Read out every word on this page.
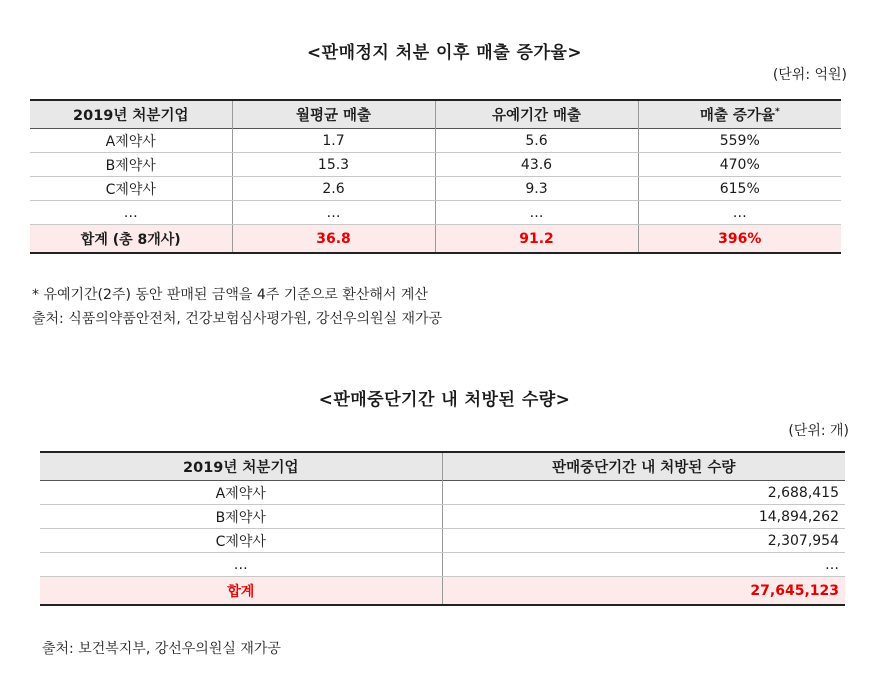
<판매정지 처분 이후 매출 증가율>
(단위: 억원)
2019년 처분기업	월평균 매출	유예기간 매출	매출 증가율*
A제약사	1.7	5.6	559%
B제약사	15.3	43.6	470%
C제약사	2.6	9.3	615%
…	…	…	…
합계 (총 8개사)	36.8	91.2	396%
* 유예기간(2주) 동안 판매된 금액을 4주 기준으로 환산해서 계산
출처: 식품의약품안전처, 건강보험심사평가원, 강선우의원실 재가공
<판매중단기간 내 처방된 수량>
(단위: 개)
2019년 처분기업	판매중단기간 내 처방된 수량
A제약사	2,688,415
B제약사	14,894,262
C제약사	2,307,954
…	…
합계	27,645,123
출처: 보건복지부, 강선우의원실 재가공
